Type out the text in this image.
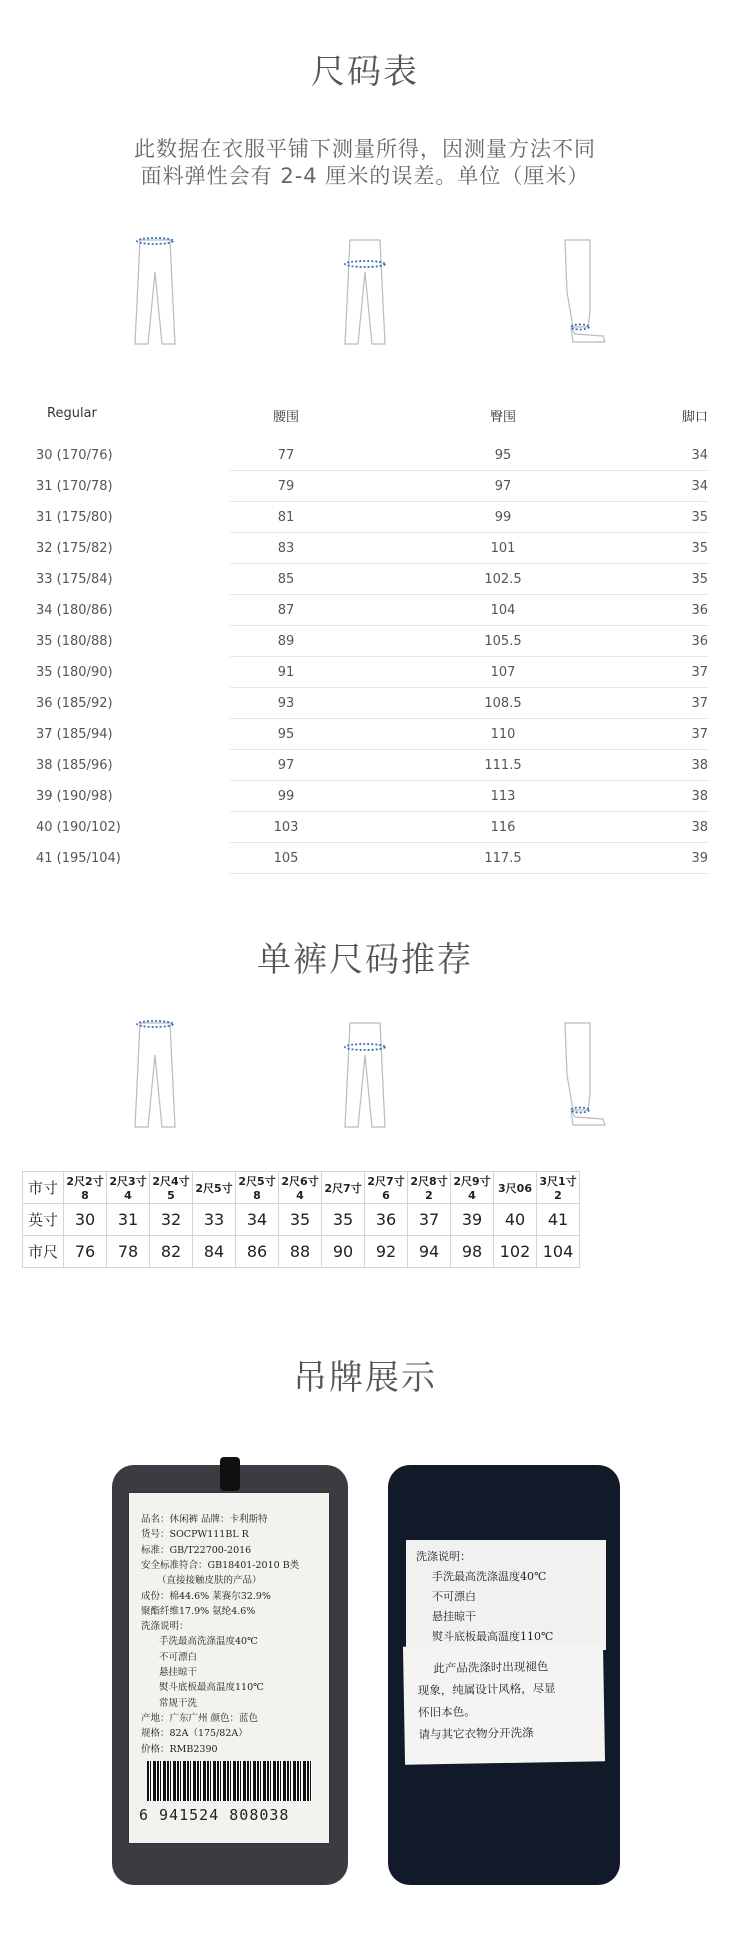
尺码表
此数据在衣服平铺下测量所得，因测量方法不同
面料弹性会有 2-4 厘米的误差。单位（厘米）
Regular	腰围	臀围	脚口
30 (170/76)	77	95	34
31 (170/78)	79	97	34
31 (175/80)	81	99	35
32 (175/82)	83	101	35
33 (175/84)	85	102.5	35
34 (180/86)	87	104	36
35 (180/88)	89	105.5	36
35 (180/90)	91	107	37
36 (185/92)	93	108.5	37
37 (185/94)	95	110	37
38 (185/96)	97	111.5	38
39 (190/98)	99	113	38
40 (190/102)	103	116	38
41 (195/104)	105	117.5	39
单裤尺码推荐
市寸	2尺2寸8	2尺3寸4	2尺4寸5	2尺5寸	2尺5寸8	2尺6寸4	2尺7寸	2尺7寸6	2尺8寸2	2尺9寸4	3尺06	3尺1寸2
英寸	30	31	32	33	34	35	35	36	37	39	40	41
市尺	76	78	82	84	86	88	90	92	94	98	102	104
吊牌展示
价格：RMB2390
规格：82A（175/82A）
产地：广东广州 颜色：蓝色
常规干洗
熨斗底板最高温度110℃
悬挂晾干
不可漂白
手洗最高洗涤温度40℃
洗涤说明：
聚酯纤维17.9% 氨纶4.6%
成份：棉44.6% 莱赛尔32.9%
（直接接触皮肤的产品）
安全标准符合：GB18401-2010 B类
标准：GB/T22700-2016
货号：SOCPW111BL R
品名：休闲裤 品牌：卡利斯特
6 941524 808038
洗涤说明：
手洗最高洗涤温度40℃
不可漂白
悬挂晾干
熨斗底板最高温度110℃
此产品洗涤时出现褪色
现象，纯属设计风格，尽显
怀旧本色。
请与其它衣物分开洗涤
